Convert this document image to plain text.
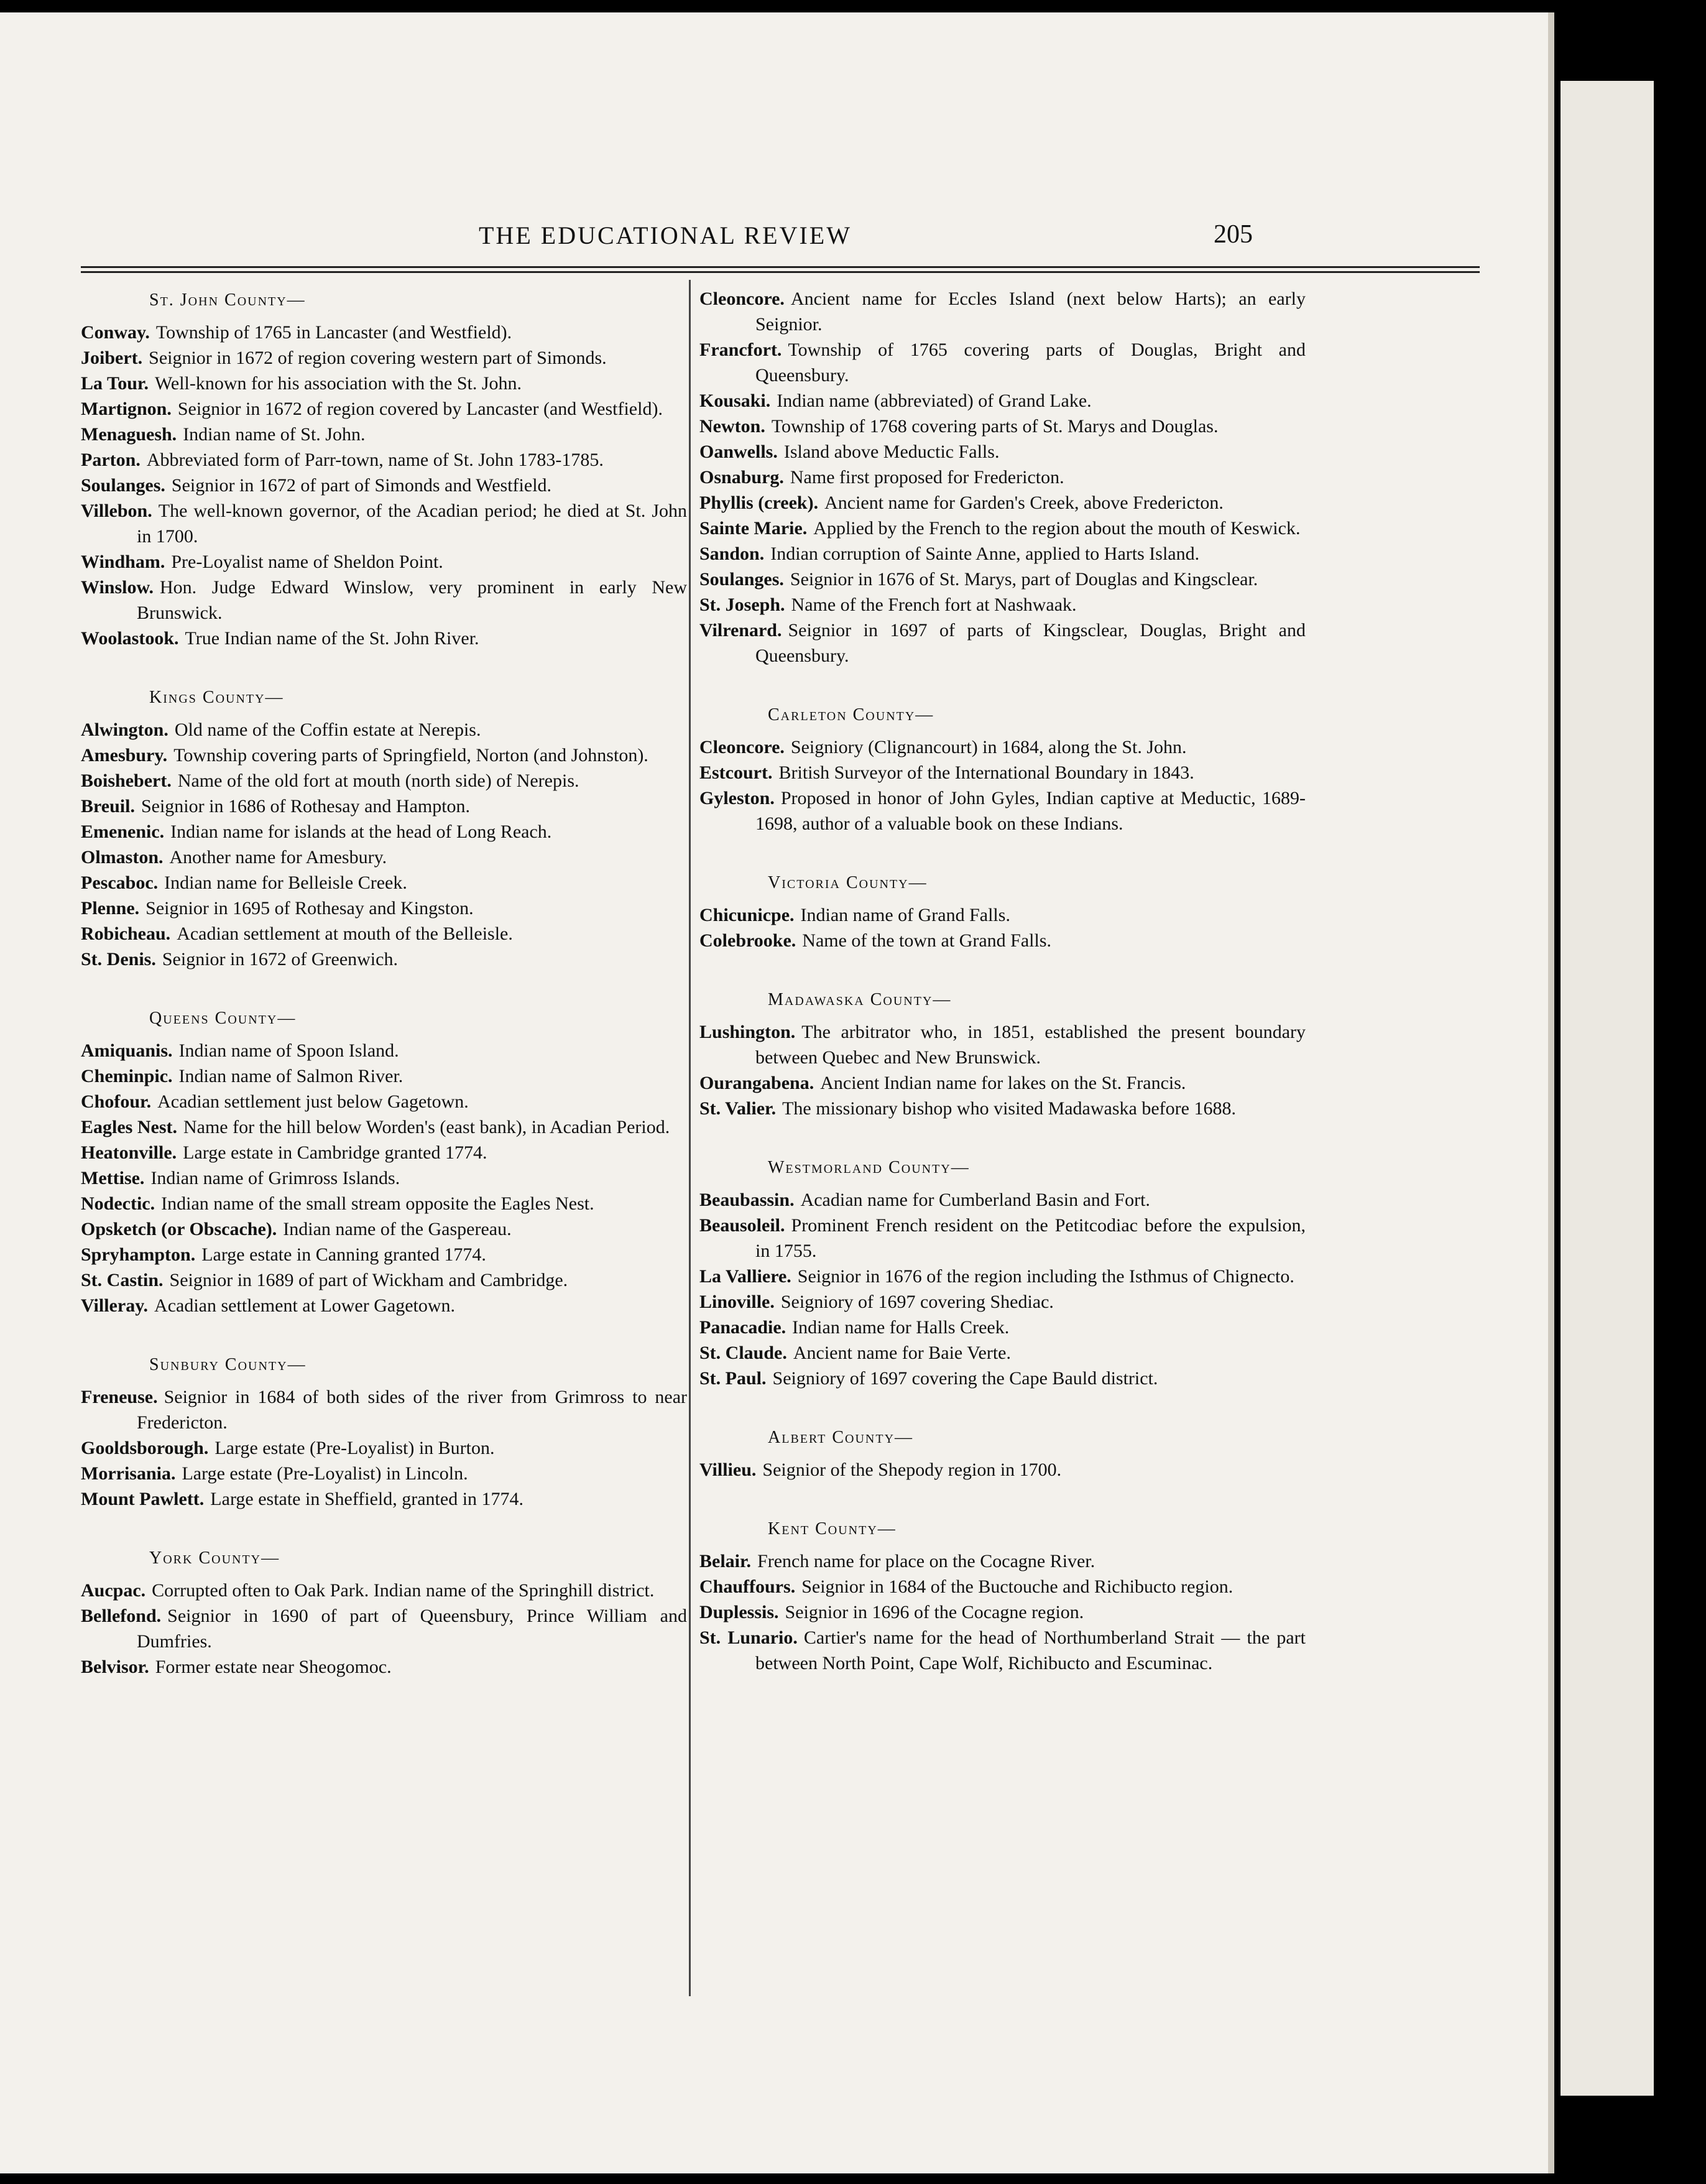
THE EDUCATIONAL REVIEW	205
St. John County—
Conway. Township of 1765 in Lancaster (and Westfield).
Joibert. Seignior in 1672 of region covering western part of Simonds.
La Tour. Well-known for his association with the St. John.
Martignon. Seignior in 1672 of region covered by Lancaster (and Westfield).
Menaguesh. Indian name of St. John.
Parton. Abbreviated form of Parr-town, name of St. John 1783-1785.
Soulanges. Seignior in 1672 of part of Simonds and Westfield.
Villebon. The well-known governor, of the Acadian period; he died at St. John in 1700.
Windham. Pre-Loyalist name of Sheldon Point.
Winslow. Hon. Judge Edward Winslow, very prominent in early New Brunswick.
Woolastook. True Indian name of the St. John River.
Kings County—
Alwington. Old name of the Coffin estate at Nerepis.
Amesbury. Township covering parts of Springfield, Norton (and Johnston).
Boishebert. Name of the old fort at mouth (north side) of Nerepis.
Breuil. Seignior in 1686 of Rothesay and Hampton.
Emenenic. Indian name for islands at the head of Long Reach.
Olmaston. Another name for Amesbury.
Pescaboc. Indian name for Belleisle Creek.
Plenne. Seignior in 1695 of Rothesay and Kingston.
Robicheau. Acadian settlement at mouth of the Belleisle.
St. Denis. Seignior in 1672 of Greenwich.
Queens County—
Amiquanis. Indian name of Spoon Island.
Cheminpic. Indian name of Salmon River.
Chofour. Acadian settlement just below Gagetown.
Eagles Nest. Name for the hill below Worden's (east bank), in Acadian Period.
Heatonville. Large estate in Cambridge granted 1774.
Mettise. Indian name of Grimross Islands.
Nodectic. Indian name of the small stream opposite the Eagles Nest.
Opsketch (or Obscache). Indian name of the Gaspereau.
Spryhampton. Large estate in Canning granted 1774.
St. Castin. Seignior in 1689 of part of Wickham and Cambridge.
Villeray. Acadian settlement at Lower Gagetown.
Sunbury County—
Freneuse. Seignior in 1684 of both sides of the river from Grimross to near Fredericton.
Gooldsborough. Large estate (Pre-Loyalist) in Burton.
Morrisania. Large estate (Pre-Loyalist) in Lincoln.
Mount Pawlett. Large estate in Sheffield, granted in 1774.
York County—
Aucpac. Corrupted often to Oak Park. Indian name of the Springhill district.
Bellefond. Seignior in 1690 of part of Queensbury, Prince William and Dumfries.
Belvisor. Former estate near Sheogomoc.
Cleoncore. Ancient name for Eccles Island (next below Harts); an early Seignior.
Francfort. Township of 1765 covering parts of Douglas, Bright and Queensbury.
Kousaki. Indian name (abbreviated) of Grand Lake.
Newton. Township of 1768 covering parts of St. Marys and Douglas.
Oanwells. Island above Meductic Falls.
Osnaburg. Name first proposed for Fredericton.
Phyllis (creek). Ancient name for Garden's Creek, above Fredericton.
Sainte Marie. Applied by the French to the region about the mouth of Keswick.
Sandon. Indian corruption of Sainte Anne, applied to Harts Island.
Soulanges. Seignior in 1676 of St. Marys, part of Douglas and Kingsclear.
St. Joseph. Name of the French fort at Nashwaak.
Vilrenard. Seignior in 1697 of parts of Kingsclear, Douglas, Bright and Queensbury.
Carleton County—
Cleoncore. Seigniory (Clignancourt) in 1684, along the St. John.
Estcourt. British Surveyor of the International Boundary in 1843.
Gyleston. Proposed in honor of John Gyles, Indian captive at Meductic, 1689-1698, author of a valuable book on these Indians.
Victoria County—
Chicunicpe. Indian name of Grand Falls.
Colebrooke. Name of the town at Grand Falls.
Madawaska County—
Lushington. The arbitrator who, in 1851, established the present boundary between Quebec and New Brunswick.
Ourangabena. Ancient Indian name for lakes on the St. Francis.
St. Valier. The missionary bishop who visited Madawaska before 1688.
Westmorland County—
Beaubassin. Acadian name for Cumberland Basin and Fort.
Beausoleil. Prominent French resident on the Petitcodiac before the expulsion, in 1755.
La Valliere. Seignior in 1676 of the region including the Isthmus of Chignecto.
Linoville. Seigniory of 1697 covering Shediac.
Panacadie. Indian name for Halls Creek.
St. Claude. Ancient name for Baie Verte.
St. Paul. Seigniory of 1697 covering the Cape Bauld district.
Albert County—
Villieu. Seignior of the Shepody region in 1700.
Kent County—
Belair. French name for place on the Cocagne River.
Chauffours. Seignior in 1684 of the Buctouche and Richibucto region.
Duplessis. Seignior in 1696 of the Cocagne region.
St. Lunario. Cartier's name for the head of Northumberland Strait — the part between North Point, Cape Wolf, Richibucto and Escuminac.
